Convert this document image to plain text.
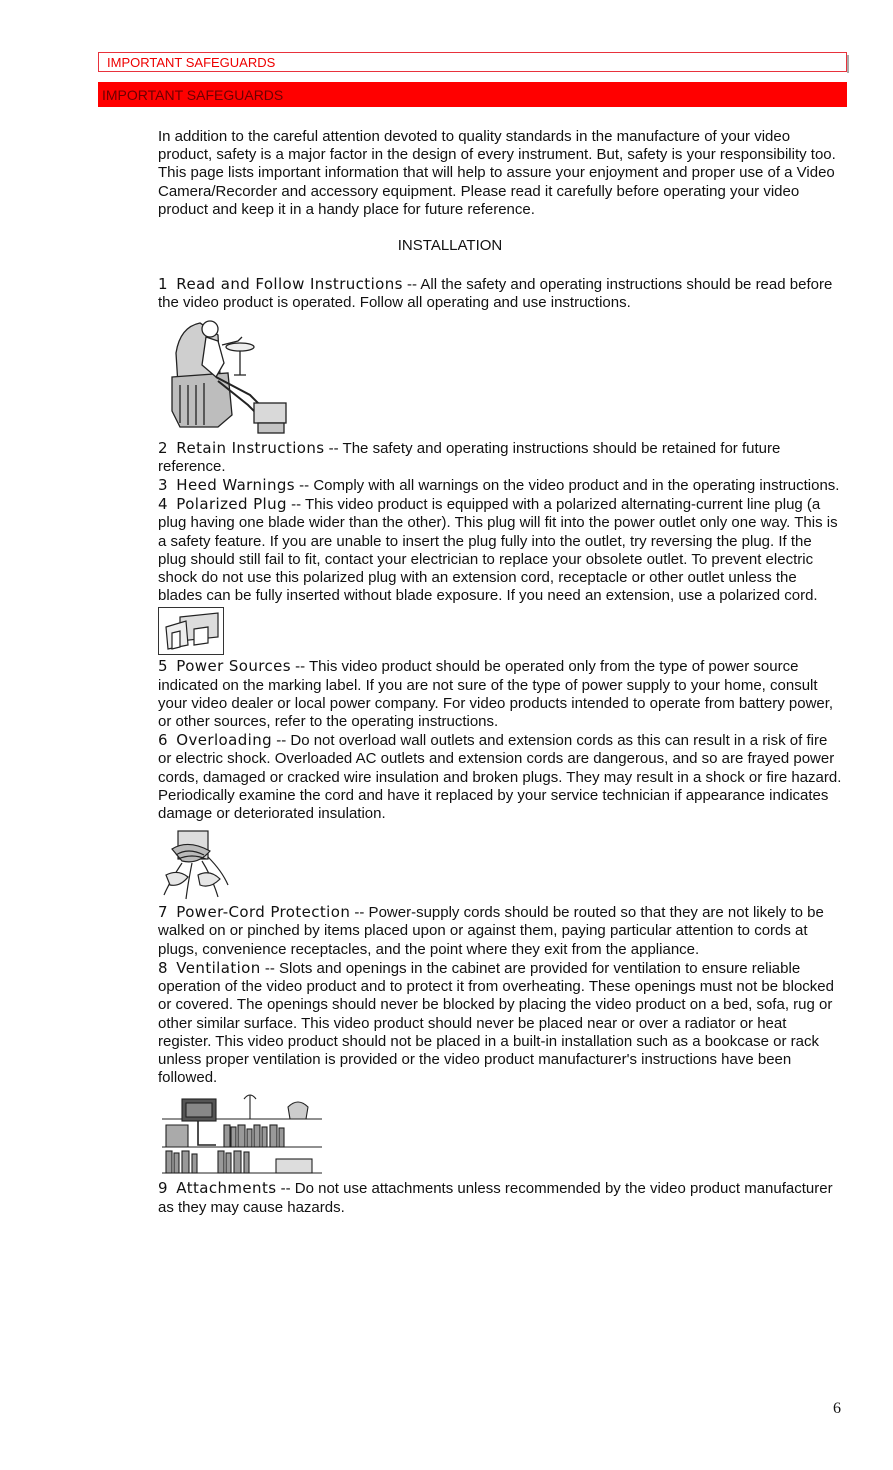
IMPORTANT SAFEGUARDS
IMPORTANT SAFEGUARDS

In addition to the careful attention devoted to quality standards in the manufacture of your video product, safety is a major factor in the design of every instrument. But, safety is your responsibility too.

This page lists important information that will help to assure your enjoyment and proper use of a Video Camera/Recorder and accessory equipment. Please read it carefully before operating your video product and keep it in a handy place for future reference.

INSTALLATION

1 Read and Follow Instructions -- All the safety and operating instructions should be read before the video product is operated. Follow all operating and use instructions.

2 Retain Instructions -- The safety and operating instructions should be retained for future reference.

3 Heed Warnings -- Comply with all warnings on the video product and in the operating instructions.

4 Polarized Plug -- This video product is equipped with a polarized alternating-current line plug (a plug having one blade wider than the other). This plug will fit into the power outlet only one way. This is a safety feature. If you are unable to insert the plug fully into the outlet, try reversing the plug. If the plug should still fail to fit, contact your electrician to replace your obsolete outlet. To prevent electric shock do not use this polarized plug with an extension cord, receptacle or other outlet unless the blades can be fully inserted without blade exposure. If you need an extension, use a polarized cord.

5 Power Sources -- This video product should be operated only from the type of power source indicated on the marking label. If you are not sure of the type of power supply to your home, consult your video dealer or local power company. For video products intended to operate from battery power, or other sources, refer to the operating instructions.

6 Overloading -- Do not overload wall outlets and extension cords as this can result in a risk of fire or electric shock. Overloaded AC outlets and extension cords are dangerous, and so are frayed power cords, damaged or cracked wire insulation and broken plugs. They may result in a shock or fire hazard. Periodically examine the cord and have it replaced by your service technician if appearance indicates damage or deteriorated insulation.

7 Power-Cord Protection -- Power-supply cords should be routed so that they are not likely to be walked on or pinched by items placed upon or against them, paying particular attention to cords at plugs, convenience receptacles, and the point where they exit from the appliance.

8 Ventilation -- Slots and openings in the cabinet are provided for ventilation to ensure reliable operation of the video product and to protect it from overheating. These openings must not be blocked or covered. The openings should never be blocked by placing the video product on a bed, sofa, rug or other similar surface. This video product should never be placed near or over a radiator or heat register. This video product should not be placed in a built-in installation such as a bookcase or rack unless proper ventilation is provided or the video product manufacturer's instructions have been followed.

9 Attachments -- Do not use attachments unless recommended by the video product manufacturer as they may cause hazards.

6
